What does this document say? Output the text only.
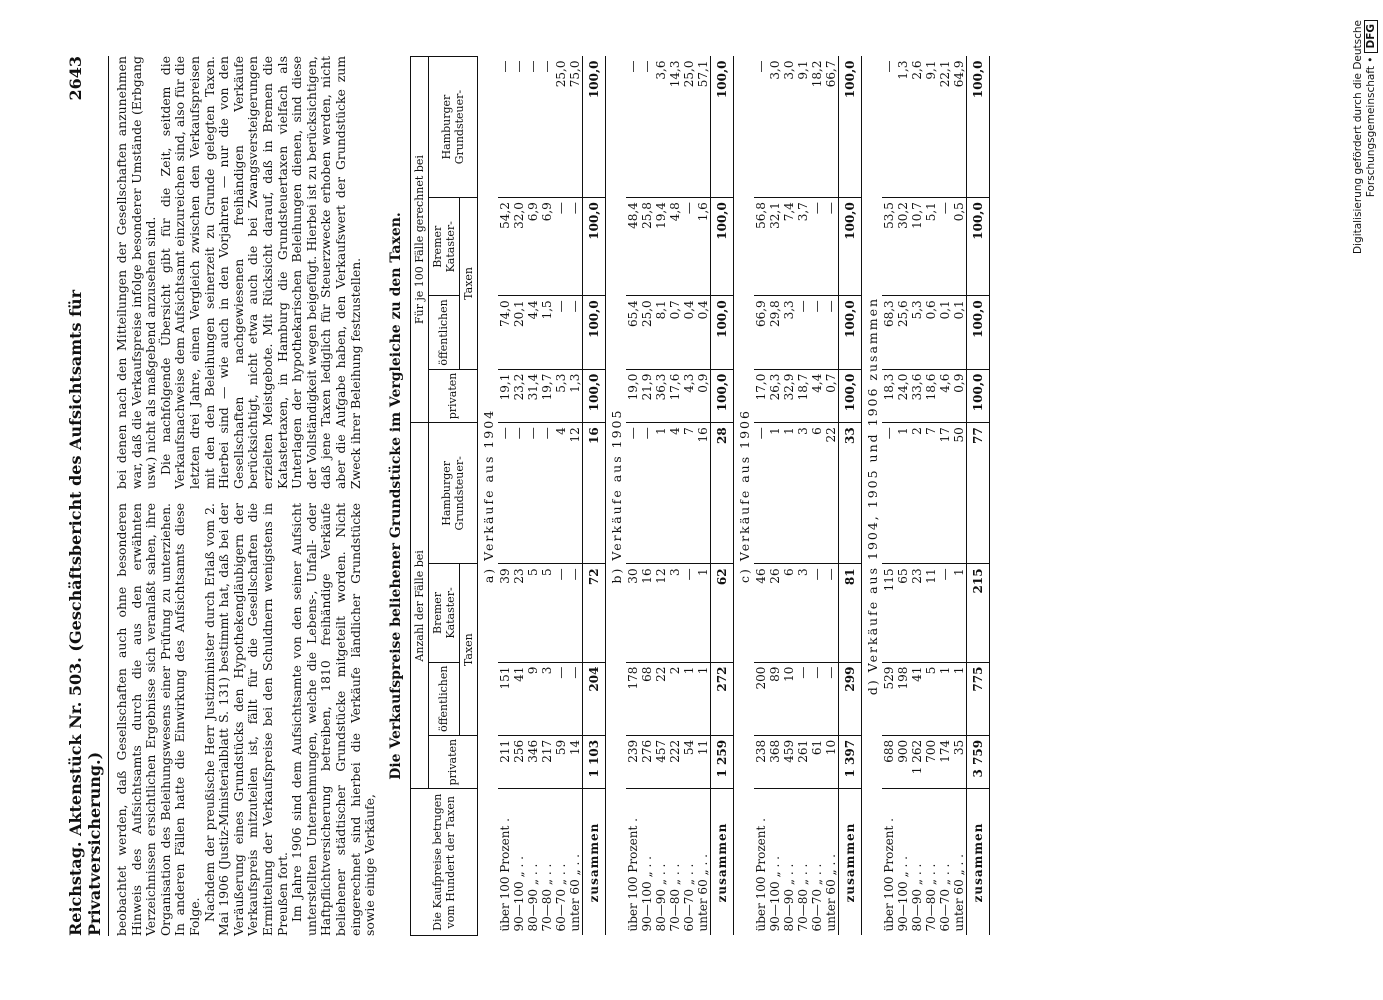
Reichstag. Aktenstück Nr. 503. (Geschäftsbericht des Aufsichtsamts für Privatversicherung.)
2643

beobachtet werden, daß Gesellschaften auch ohne besonderen Hinweis des Aufsichtsamts durch die aus den erwähnten Verzeichnissen ersichtlichen Ergebnisse sich veranlaßt sahen, ihre Organisation des Beleihungswesens einer Prüfung zu unterziehen. In anderen Fällen hatte die Einwirkung des Aufsichtsamts diese Folge. Nachdem der preußische Herr Justizminister durch Erlaß vom 2. Mai 1906 (Justiz-Ministerialblatt S. 131) bestimmt hat, daß bei der Veräußerung eines Grundstücks den Hypothekengläubigern der Verkaufspreis mitzuteilen ist, fällt für die Gesellschaften die Ermittelung der Verkaufspreise bei den Schuldnern wenigstens in Preußen fort. Im Jahre 1906 sind dem Aufsichtsamte von den seiner Aufsicht unterstellten Unternehmungen, welche die Lebens-, Unfall- oder Haftpflichtversicherung betreiben, 1810 freihändige Verkäufe beliehener städtischer Grundstücke mitgeteilt worden. Nicht eingerechnet sind hierbei die Verkäufe ländlicher Grundstücke sowie einige Verkäufe,

bei denen nach den Mitteilungen der Gesellschaften anzunehmen war, daß die Verkaufspreise infolge besonderer Umstände (Erbgang usw.) nicht als maßgebend anzusehen sind. Die nachfolgende Übersicht gibt für die Zeit, seitdem die Verkaufsnachweise dem Aufsichtsamt einzureichen sind, also für die letzten drei Jahre, einen Vergleich zwischen den Verkaufspreisen mit den den Beleihungen seinerzeit zu Grunde gelegten Taxen. Hierbei sind — wie auch in den Vorjahren — nur die von den Gesellschaften nachgewiesenen freihändigen Verkäufe berücksichtigt, nicht etwa auch die bei Zwangsversteigerungen erzielten Meistgebote. Mit Rücksicht darauf, daß in Bremen die Katastertaxen, in Hamburg die Grundsteuertaxen vielfach als Unterlagen der hypothekarischen Beleihungen dienen, sind diese der Vollständigkeit wegen beigefügt. Hierbei ist zu berücksichtigen, daß jene Taxen lediglich für Steuerzwecke erhoben werden, nicht aber die Aufgabe haben, den Verkaufswert der Grundstücke zum Zweck ihrer Beleihung festzustellen. Die Verkaufspreise beliehener Grundstücke im Vergleiche zu den Taxen.
Die Kaufpreise betrugen vom Hundert der Taxen	Anzahl der Fälle bei				Für je 100 Fälle gerechnet bei			
	privaten	öffentlichen	Bremer Kataster-	Hamburger Grundsteuer-	privaten	öffentlichen	Bremer Kataster-	Hamburger Grundsteuer-
		Taxen				Taxen		
a) Verkäufe aus 1904								
über 100 Prozent .	211	151	39	—	19,1	74,0	54,2	—
90—100 „ . .	256	41	23	—	23,2	20,1	32,0	—
80—90 „ . .	346	9	5	—	31,4	4,4	6,9	—
70—80 „ . .	217	3	5	—	19,7	1,5	6,9	—
60—70 „ . .	59	—	—	4	5,3	—	—	25,0
unter 60 „ . .	14	—	—	12	1,3	—	—	75,0
zusammen	1 103	204	72	16	100,0	100,0	100,0	100,0
b) Verkäufe aus 1905								
über 100 Prozent .	239	178	30	—	19,0	65,4	48,4	—
90—100 „ . .	276	68	16	—	21,9	25,0	25,8	—
80—90 „ . .	457	22	12	1	36,3	8,1	19,4	3,6
70—80 „ . .	222	2	3	4	17,6	0,7	4,8	14,3
60—70 „ . .	54	1	—	7	4,3	0,4	—	25,0
unter 60 „ . .	11	1	1	16	0,9	0,4	1,6	57,1
zusammen	1 259	272	62	28	100,0	100,0	100,0	100,0
c) Verkäufe aus 1906								
über 100 Prozent .	238	200	46	—	17,0	66,9	56,8	—
90—100 „ . .	368	89	26	1	26,3	29,8	32,1	3,0
80—90 „ . .	459	10	6	1	32,9	3,3	7,4	3,0
70—80 „ . .	261	—	3	3	18,7	—	3,7	9,1
60—70 „ . .	61	—	—	6	4,4	—	—	18,2
unter 60 „ . .	10	—	—	22	0,7	—	—	66,7
zusammen	1 397	299	81	33	100,0	100,0	100,0	100,0
d) Verkäufe aus 1904, 1905 und 1906 zusammen								
über 100 Prozent .	688	529	115	—	18,3	68,3	53,5	—
90—100 „ . .	900	198	65	1	24,0	25,6	30,2	1,3
80—90 „ . .	1 262	41	23	2	33,6	5,3	10,7	2,6
70—80 „ . .	700	5	11	7	18,6	0,6	5,1	9,1
60—70 „ . .	174	1	—	17	4,6	0,1	—	22,1
unter 60 „ . .	35	1	1	50	0,9	0,1	0,5	64,9
zusammen	3 759	775	215	77	100,0	100,0	100,0	100,0	Digitalisierung gefördert durch die Deutsche Forschungsgemeinschaft •DFG
